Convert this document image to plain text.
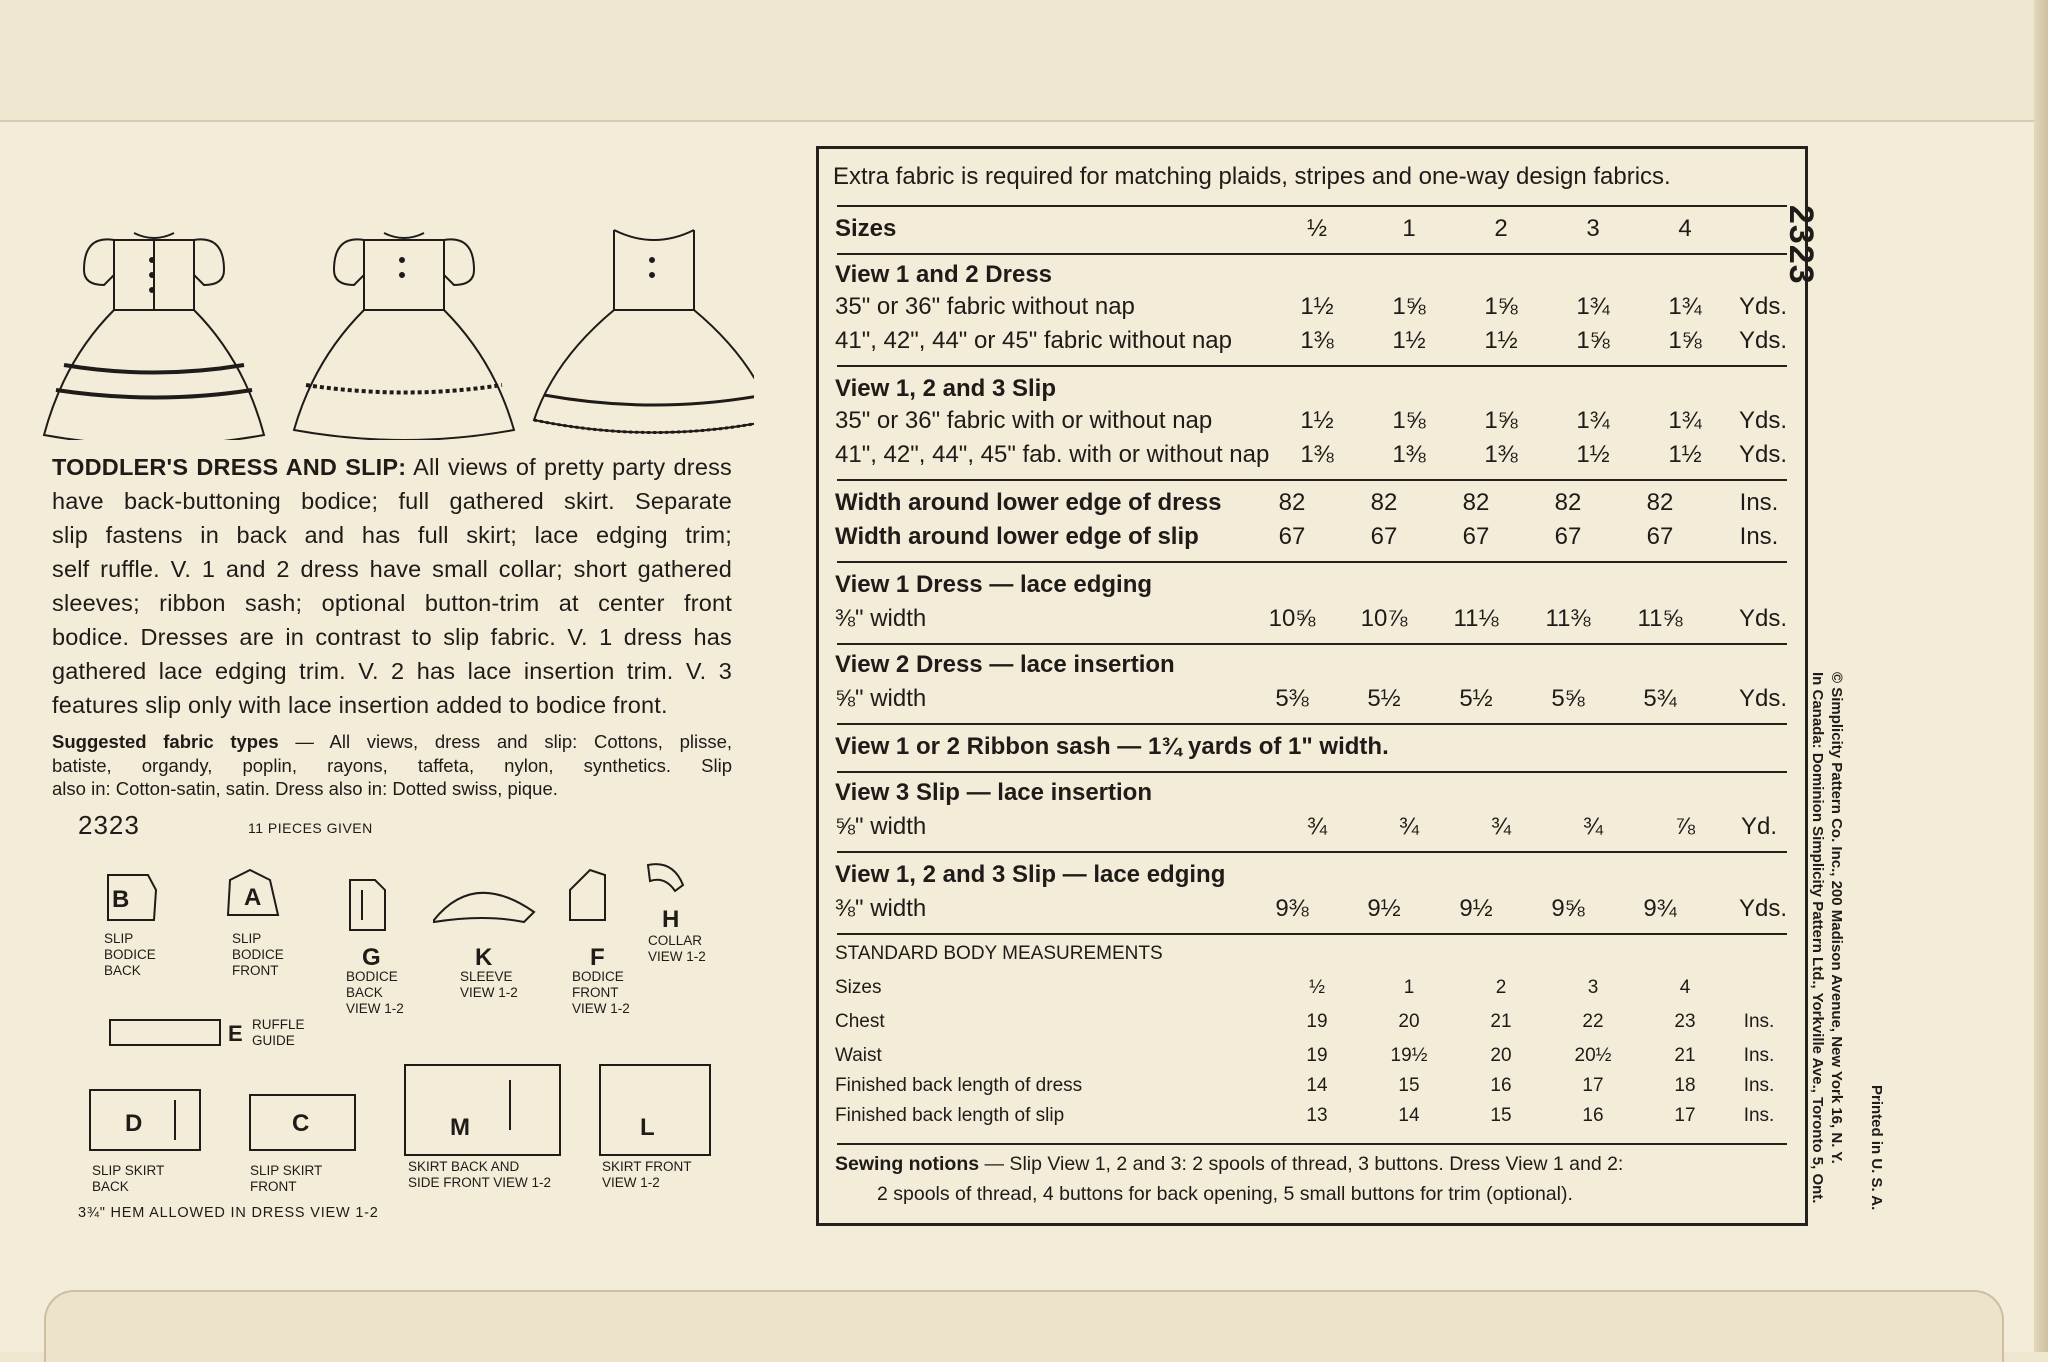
TODDLER'S DRESS AND SLIP: All views of pretty party dress

have back-buttoning bodice; full gathered skirt. Separate

slip fastens in back and has full skirt; lace edging trim;

self ruffle. V. 1 and 2 dress have small collar; short gathered

sleeves; ribbon sash; optional button-trim at center front

bodice. Dresses are in contrast to slip fabric. V. 1 dress has

gathered lace edging trim. V. 2 has lace insertion trim. V. 3

features slip only with lace insertion added to bodice front.

Suggested fabric types — All views, dress and slip: Cottons, plisse,

batiste, organdy, poplin, rayons, taffeta, nylon, synthetics. Slip

also in: Cotton-satin, satin. Dress also in: Dotted swiss, pique.

2323	11 PIECES GIVEN
B
SLIP
BODICE
BACK
A
SLIP
BODICE
FRONT	G
BODICE
BACK
VIEW 1-2
K
SLEEVE
VIEW 1-2
F
BODICE
FRONT
VIEW 1-2
H
COLLAR
VIEW 1-2
E RUFFLE
GUIDE
D
SLIP SKIRT
BACK
C
SLIP SKIRT
FRONT
M
SKIRT BACK AND
SIDE FRONT VIEW 1-2
L
SKIRT FRONT
VIEW 1-2
3¾" HEM ALLOWED IN DRESS VIEW 1-2
Extra fabric is required for matching plaids, stripes and one-way design fabrics.
Sizes	½	1	2	3	4
View 1 and 2 Dress
35" or 36" fabric without nap	1½	1⅝	1⅝	1¾	1¾	Yds.
41", 42", 44" or 45" fabric without nap	1⅜	1½	1½	1⅝	1⅝	Yds.
View 1, 2 and 3 Slip
35" or 36" fabric with or without nap	1½	1⅝	1⅝	1¾	1¾	Yds.
41", 42", 44", 45" fab. with or without nap	1⅜	1⅜	1⅜	1½	1½	Yds.
Width around lower edge of dress	82	82	82	82	82	Ins.
Width around lower edge of slip	67	67	67	67	67	Ins.
View 1 Dress — lace edging
⅜" width	10⅝	10⅞	11⅛	11⅜	11⅝	Yds.
View 2 Dress — lace insertion
⅝" width	5⅜	5½	5½	5⅝	5¾	Yds.
View 1 or 2 Ribbon sash — 1¾ yards of 1" width.
View 3 Slip — lace insertion
⅝" width	¾	¾	¾	¾	⅞	Yd.
View 1, 2 and 3 Slip — lace edging
⅜" width	9⅜	9½	9½	9⅝	9¾	Yds.
STANDARD BODY MEASUREMENTS
Sizes	½	1	2	3	4
Chest	19	20	21	22	23	Ins.
Waist	19	19½	20	20½	21	Ins.
Finished back length of dress	14	15	16	17	18	Ins.
Finished back length of slip	13	14	15	16	17	Ins.
Sewing notions — Slip View 1, 2 and 3: 2 spools of thread, 3 buttons. Dress View 1 and 2:
2 spools of thread, 4 buttons for back opening, 5 small buttons for trim (optional).
2323
© Simplicity Pattern Co. Inc., 200 Madison Avenue, New York 16, N. Y.
In Canada: Dominion Simplicity Pattern Ltd., Yorkville Ave., Toronto 5, Ont.	Printed in U. S. A.
